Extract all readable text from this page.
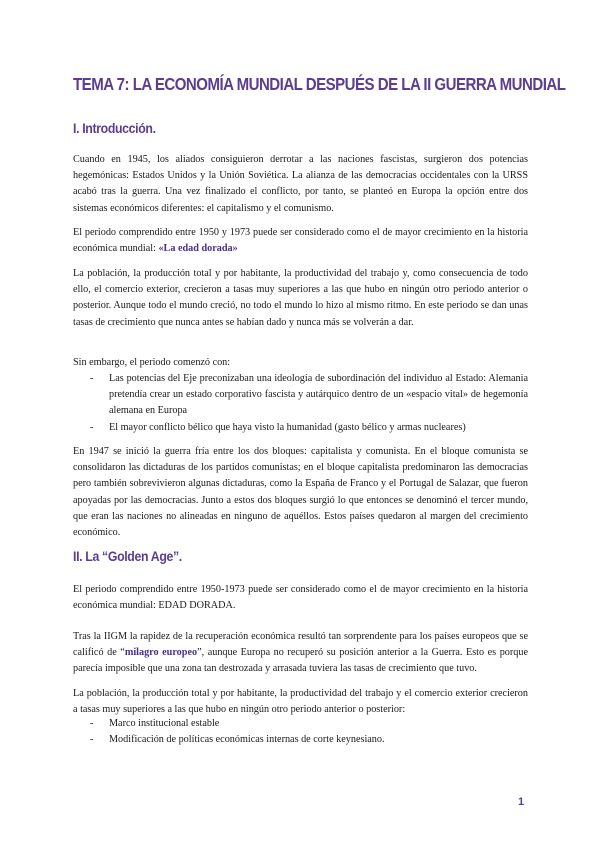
TEMA 7: LA ECONOMÍA MUNDIAL DESPUÉS DE LA II GUERRA MUNDIAL
I. Introducción.

Cuando en 1945, los aliados consiguieron derrotar a las naciones fascistas, surgieron dos potencias hegemónicas: Estados Unidos y la Unión Soviética. La alianza de las democracias occidentales con la URSS acabó tras la guerra. Una vez finalizado el conflicto, por tanto, se planteó en Europa la opción entre dos sistemas económicos diferentes: el capitalismo y el comunismo.

El periodo comprendido entre 1950 y 1973 puede ser considerado como el de mayor crecimiento en la historia económica mundial: «La edad dorada»

La población, la producción total y por habitante, la productividad del trabajo y, como consecuencia de todo ello, el comercio exterior, crecieron a tasas muy superiores a las que hubo en ningún otro periodo anterior o posterior. Aunque todo el mundo creció, no todo el mundo lo hizo al mismo ritmo. En este periodo se dan unas tasas de crecimiento que nunca antes se habían dado y nunca más se volverán a dar.

Sin embargo, el periodo comenzó con:

- Las potencias del Eje preconizaban una ideología de subordinación del individuo al Estado: Alemania pretendía crear un estado corporativo fascista y autárquico dentro de un «espacio vital» de hegemonía alemana en Europa
- El mayor conflicto bélico que haya visto la humanidad (gasto bélico y armas nucleares)

En 1947 se inició la guerra fría entre los dos bloques: capitalista y comunista. En el bloque comunista se consolidaron las dictaduras de los partidos comunistas; en el bloque capitalista predominaron las democracias pero también sobrevivieron algunas dictaduras, como la España de Franco y el Portugal de Salazar, que fueron apoyadas por las democracias. Junto a estos dos bloques surgió lo que entonces se denominó el tercer mundo, que eran las naciones no alineadas en ninguno de aquéllos. Estos países quedaron al margen del crecimiento económico.

II. La “Golden Age”.

El periodo comprendido entre 1950-1973 puede ser considerado como el de mayor crecimiento en la historia económica mundial: EDAD DORADA.

Tras la IIGM la rapidez de la recuperación económica resultó tan sorprendente para los países europeos que se calificó de “milagro europeo”, aunque Europa no recuperó su posición anterior a la Guerra. Esto es porque parecía imposible que una zona tan destrozada y arrasada tuviera las tasas de crecimiento que tuvo.

La población, la producción total y por habitante, la productividad del trabajo y el comercio exterior crecieron a tasas muy superiores a las que hubo en ningún otro periodo anterior o posterior:

- Marco institucional estable
- Modificación de políticas económicas internas de corte keynesiano.
1
